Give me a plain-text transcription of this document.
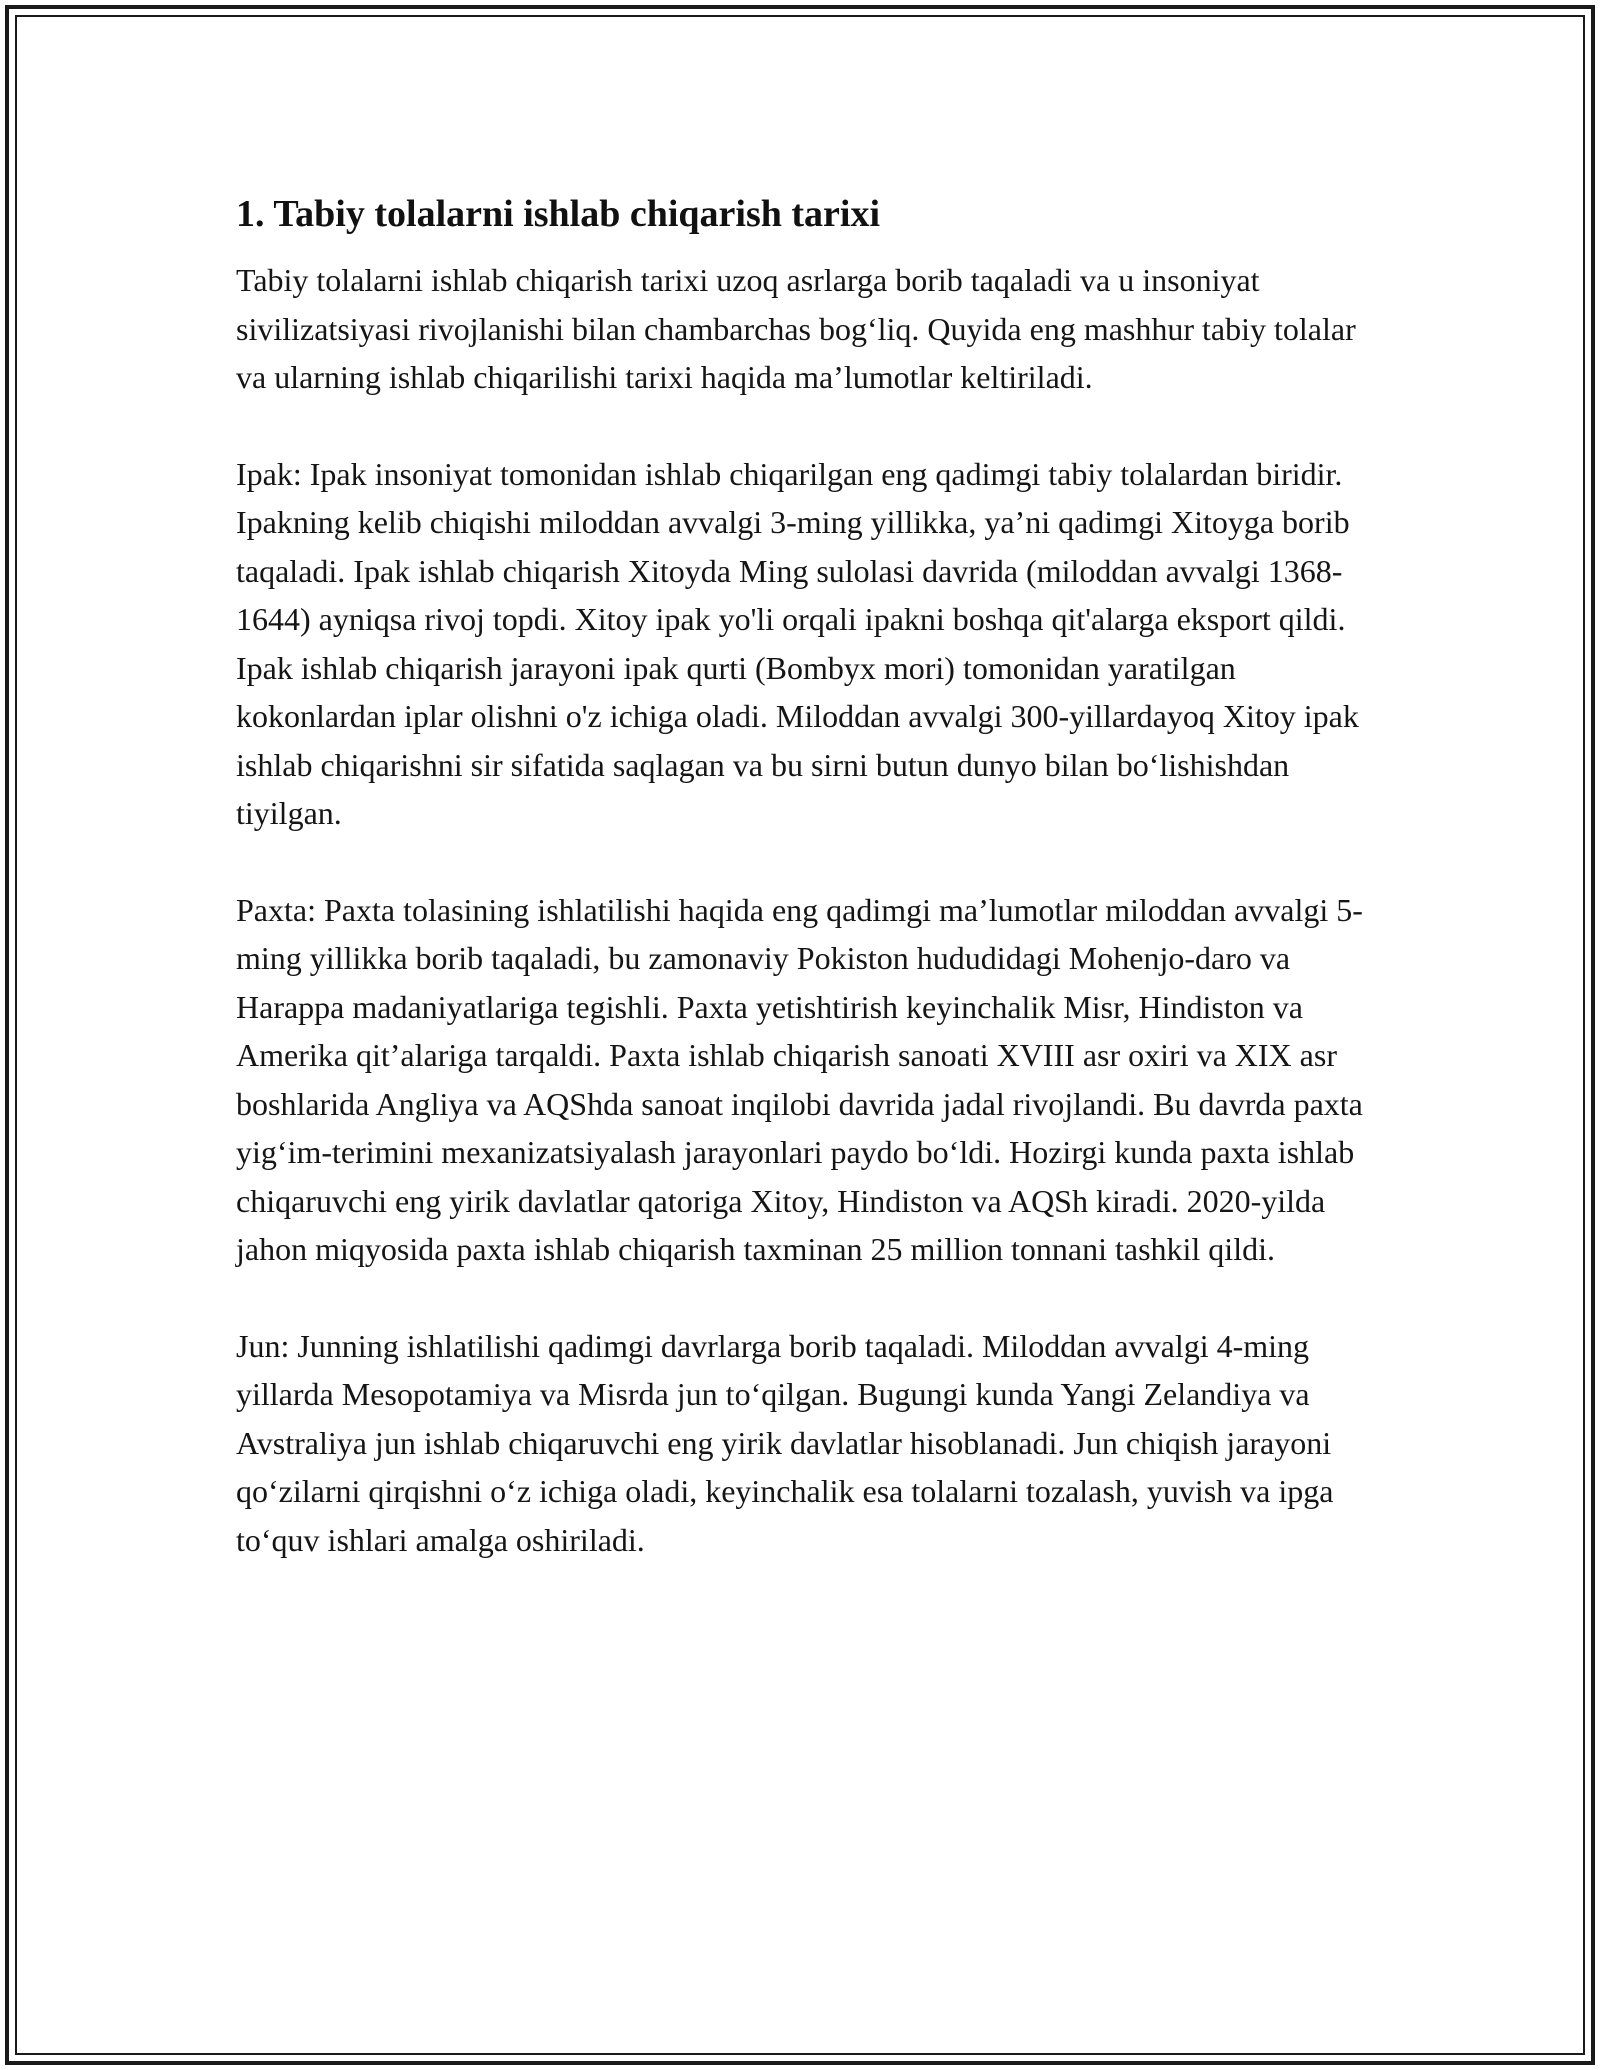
1. Tabiy tolalarni ishlab chiqarish tarixi

Tabiy tolalarni ishlab chiqarish tarixi uzoq asrlarga borib taqaladi va u insoniyat sivilizatsiyasi rivojlanishi bilan chambarchas bog‘liq. Quyida eng mashhur tabiy tolalar va ularning ishlab chiqarilishi tarixi haqida ma’lumotlar keltiriladi.

Ipak: Ipak insoniyat tomonidan ishlab chiqarilgan eng qadimgi tabiy tolalardan biridir. Ipakning kelib chiqishi miloddan avvalgi 3-ming yillikka, ya’ni qadimgi Xitoyga borib taqaladi. Ipak ishlab chiqarish Xitoyda Ming sulolasi davrida (miloddan avvalgi 1368-1644) ayniqsa rivoj topdi. Xitoy ipak yo'li orqali ipakni boshqa qit'alarga eksport qildi. Ipak ishlab chiqarish jarayoni ipak qurti (Bombyx mori) tomonidan yaratilgan kokonlardan iplar olishni o'z ichiga oladi. Miloddan avvalgi 300-yillardayoq Xitoy ipak ishlab chiqarishni sir sifatida saqlagan va bu sirni butun dunyo bilan bo‘lishishdan tiyilgan.

Paxta: Paxta tolasining ishlatilishi haqida eng qadimgi ma’lumotlar miloddan avvalgi 5-ming yillikka borib taqaladi, bu zamonaviy Pokiston hududidagi Mohenjo-daro va Harappa madaniyatlariga tegishli. Paxta yetishtirish keyinchalik Misr, Hindiston va Amerika qit’alariga tarqaldi. Paxta ishlab chiqarish sanoati XVIII asr oxiri va XIX asr boshlarida Angliya va AQShda sanoat inqilobi davrida jadal rivojlandi. Bu davrda paxta yig‘im-terimini mexanizatsiyalash jarayonlari paydo bo‘ldi. Hozirgi kunda paxta ishlab chiqaruvchi eng yirik davlatlar qatoriga Xitoy, Hindiston va AQSh kiradi. 2020-yilda jahon miqyosida paxta ishlab chiqarish taxminan 25 million tonnani tashkil qildi.

Jun: Junning ishlatilishi qadimgi davrlarga borib taqaladi. Miloddan avvalgi 4-ming yillarda Mesopotamiya va Misrda jun to‘qilgan. Bugungi kunda Yangi Zelandiya va Avstraliya jun ishlab chiqaruvchi eng yirik davlatlar hisoblanadi. Jun chiqish jarayoni qo‘zilarni qirqishni o‘z ichiga oladi, keyinchalik esa tolalarni tozalash, yuvish va ipga to‘quv ishlari amalga oshiriladi.
